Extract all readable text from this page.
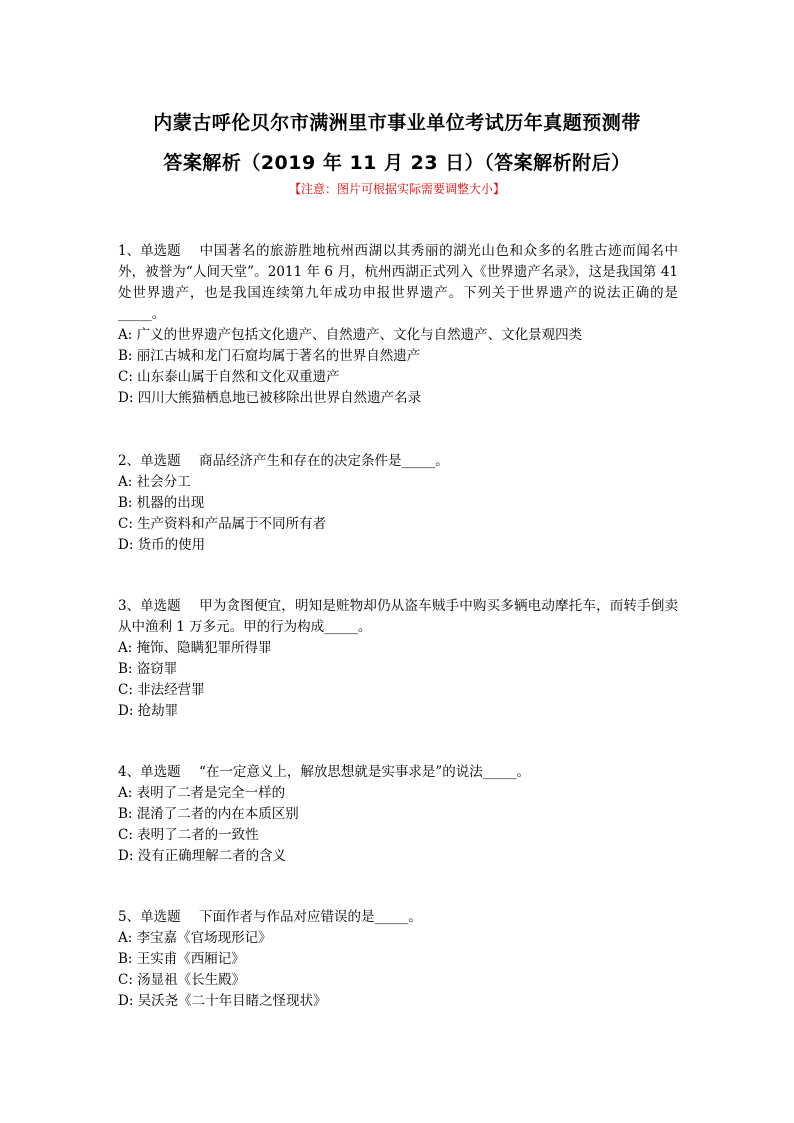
内蒙古呼伦贝尔市满洲里市事业单位考试历年真题预测带
答案解析（2019 年 11 月 23 日）（答案解析附后）
【注意：图片可根据实际需要调整大小】

1、单选题 中国著名的旅游胜地杭州西湖以其秀丽的湖光山色和众多的名胜古迹而闻名中外，被誉为“人间天堂”。2011 年 6 月，杭州西湖正式列入《世界遗产名录》，这是我国第 41 处世界遗产，也是我国连续第九年成功申报世界遗产。下列关于世界遗产的说法正确的是_____。

A: 广义的世界遗产包括文化遗产、自然遗产、文化与自然遗产、文化景观四类

B: 丽江古城和龙门石窟均属于著名的世界自然遗产

C: 山东泰山属于自然和文化双重遗产

D: 四川大熊猫栖息地已被移除出世界自然遗产名录

2、单选题 商品经济产生和存在的决定条件是_____。

A: 社会分工

B: 机器的出现

C: 生产资料和产品属于不同所有者

D: 货币的使用

3、单选题 甲为贪图便宜，明知是赃物却仍从盗车贼手中购买多辆电动摩托车，而转手倒卖从中渔利 1 万多元。甲的行为构成_____。

A: 掩饰、隐瞒犯罪所得罪

B: 盗窃罪

C: 非法经营罪

D: 抢劫罪

4、单选题 “在一定意义上，解放思想就是实事求是”的说法_____。

A: 表明了二者是完全一样的

B: 混淆了二者的内在本质区别

C: 表明了二者的一致性

D: 没有正确理解二者的含义

5、单选题 下面作者与作品对应错误的是_____。

A: 李宝嘉《官场现形记》

B: 王实甫《西厢记》

C: 汤显祖《长生殿》

D: 吴沃尧《二十年目睹之怪现状》
